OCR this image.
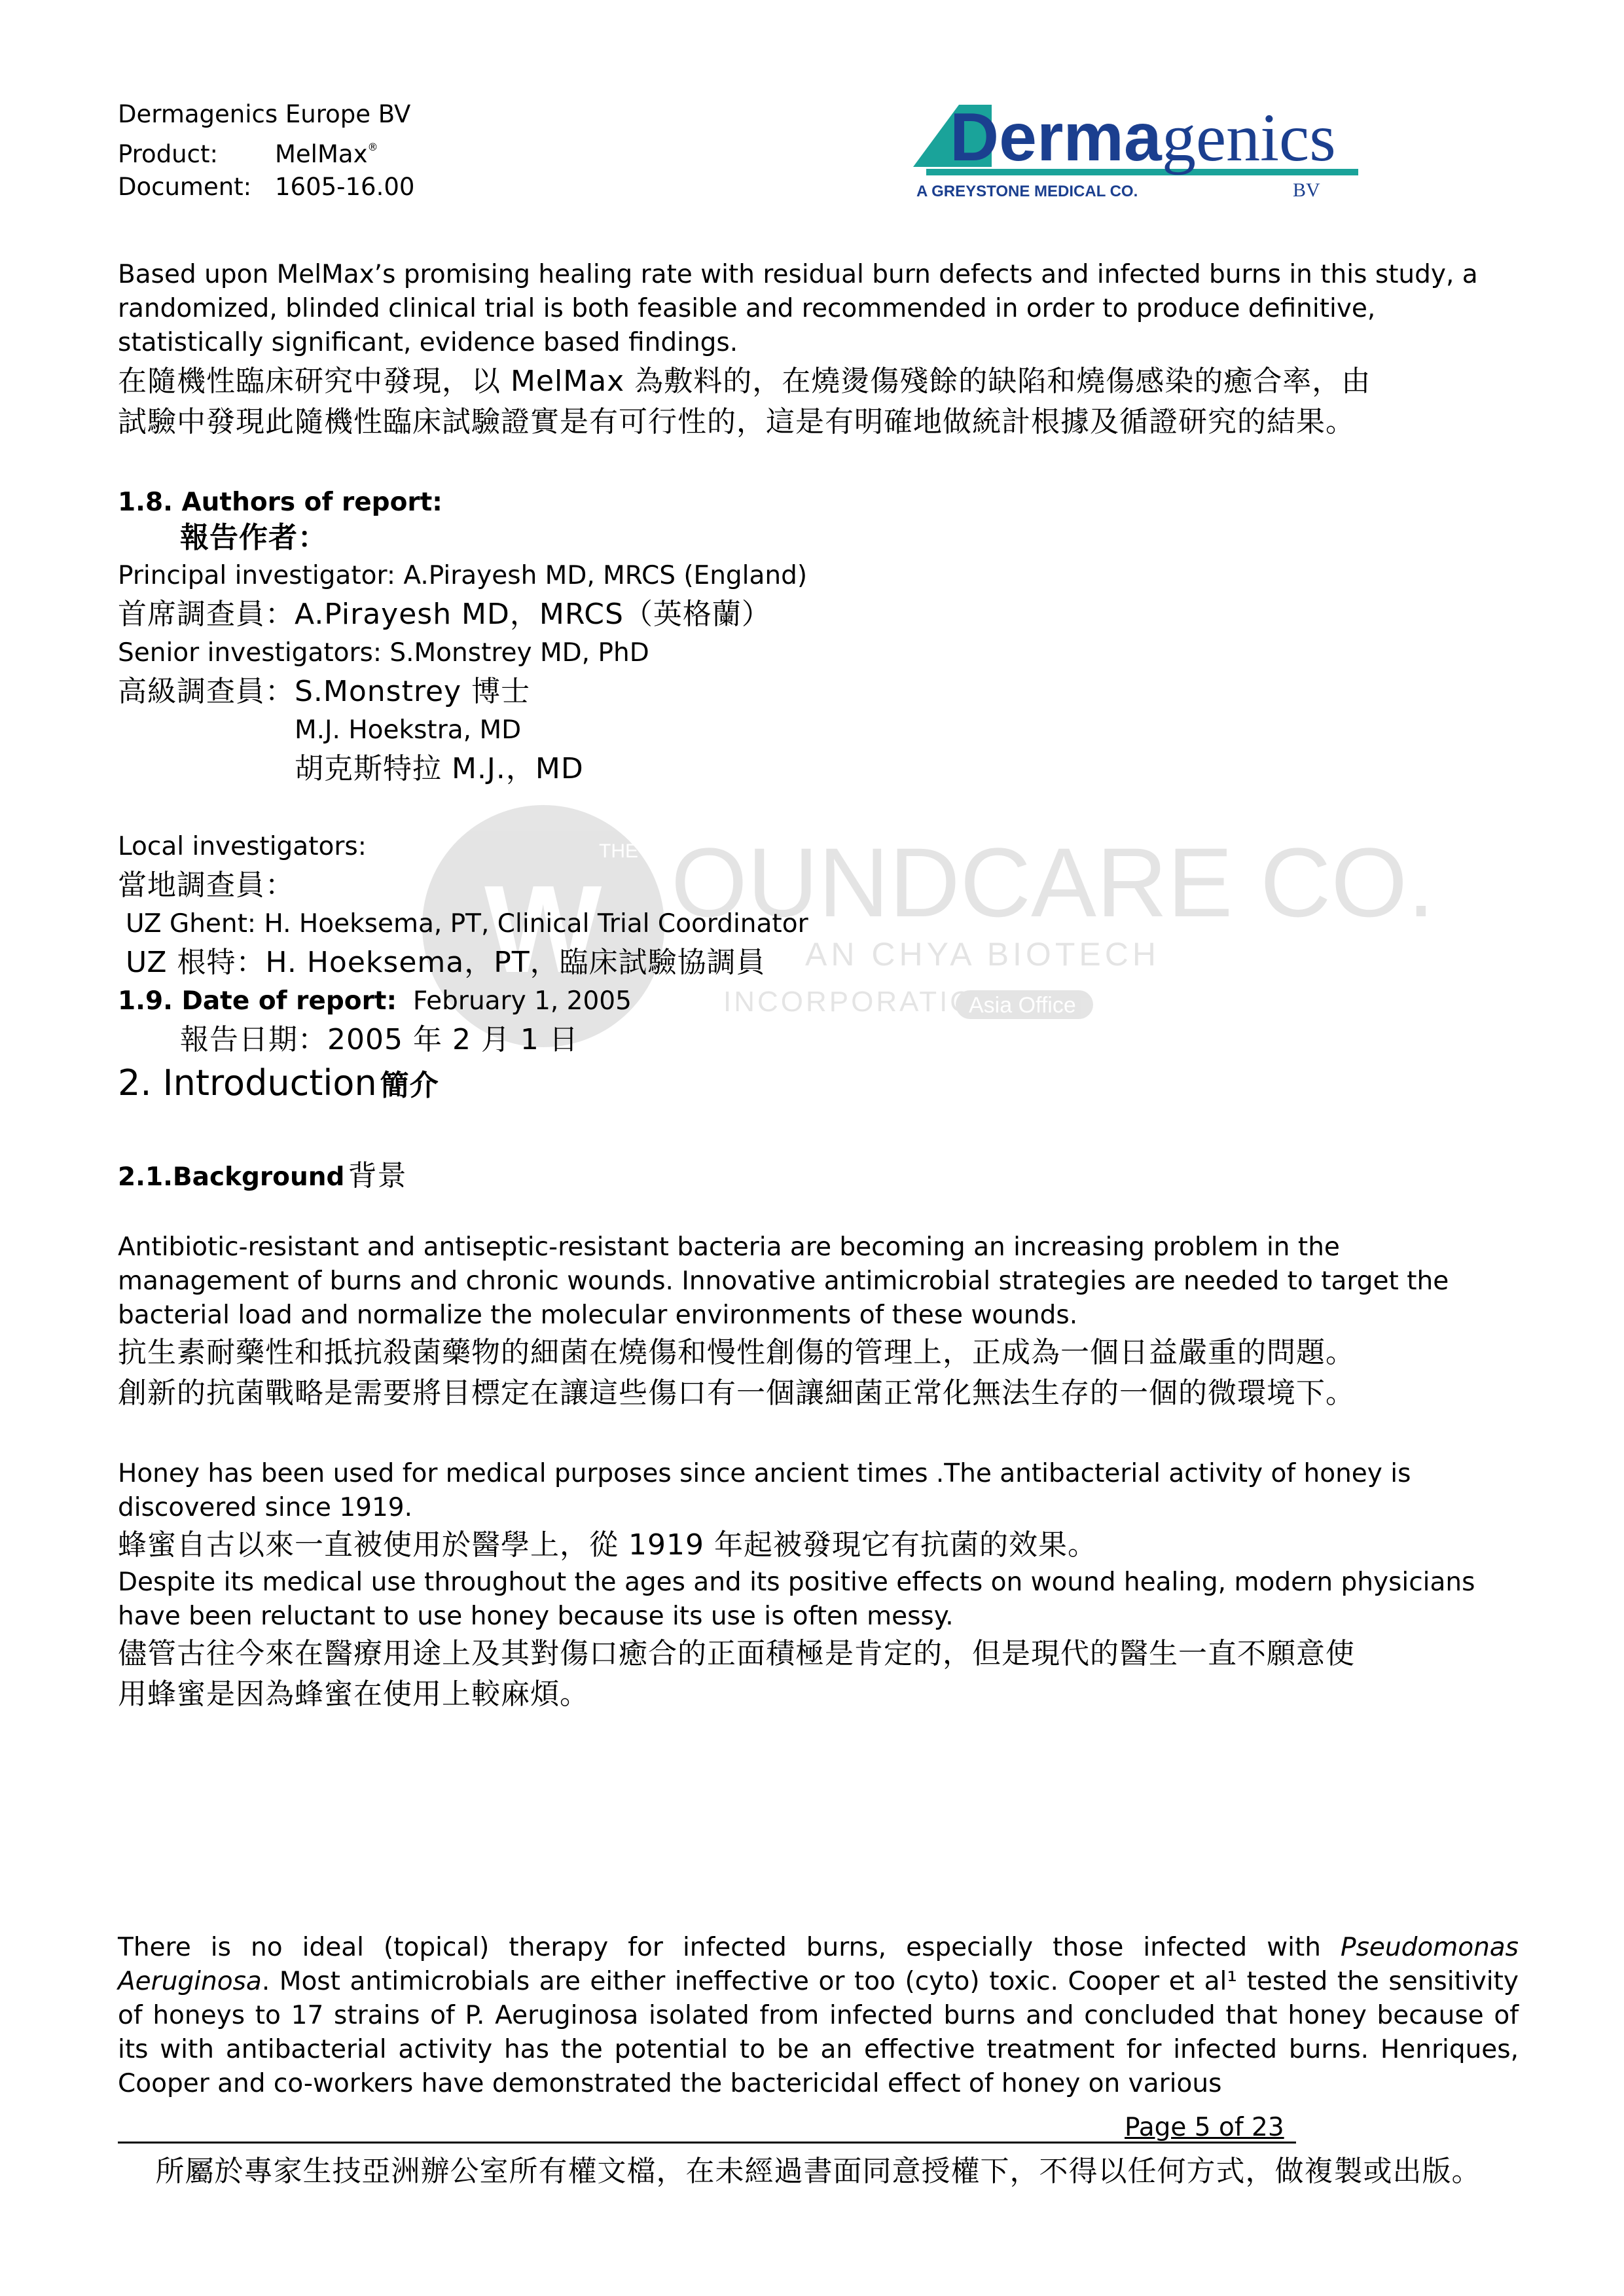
Dermagenics Europe BV
Product: MelMax®
Document: 1605-16.00
Derma genics
A GREYSTONE MEDICAL CO.	BV
W
THE OUNDCARE CO.
AN CHYA BIOTECH
INCORPORATION
Asia Office
Based upon MelMax’s promising healing rate with residual burn defects and infected burns in this study, a randomized, blinded clinical trial is both feasible and recommended in order to produce definitive, statistically significant, evidence based findings.
在隨機性臨床研究中發現，以 MelMax 為敷料的，在燒燙傷殘餘的缺陷和燒傷感染的癒合率，由
試驗中發現此隨機性臨床試驗證實是有可行性的，這是有明確地做統計根據及循證研究的結果。
1.8. Authors of report:
報告作者：
Principal investigator: A.Pirayesh MD, MRCS (England)
首席調查員：A.Pirayesh MD，MRCS（英格蘭）
Senior investigators: S.Monstrey MD, PhD
高級調查員：S.Monstrey 博士
M.J. Hoekstra, MD
胡克斯特拉 M.J.，MD
Local investigators:
當地調查員：
UZ Ghent: H. Hoeksema, PT, Clinical Trial Coordinator
UZ 根特：H. Hoeksema，PT，臨床試驗協調員
1.9. Date of report: February 1, 2005
報告日期：2005 年 2 月 1 日
2. Introduction 簡介
2.1.Background 背景
Antibiotic-resistant and antiseptic-resistant bacteria are becoming an increasing problem in the management of burns and chronic wounds. Innovative antimicrobial strategies are needed to target the bacterial load and normalize the molecular environments of these wounds.
抗生素耐藥性和抵抗殺菌藥物的細菌在燒傷和慢性創傷的管理上，正成為一個日益嚴重的問題。
創新的抗菌戰略是需要將目標定在讓這些傷口有一個讓細菌正常化無法生存的一個的微環境下。
Honey has been used for medical purposes since ancient times .The antibacterial activity of honey is discovered since 1919.
蜂蜜自古以來一直被使用於醫學上，從 1919 年起被發現它有抗菌的效果。
Despite its medical use throughout the ages and its positive effects on wound healing, modern physicians have been reluctant to use honey because its use is often messy.
儘管古往今來在醫療用途上及其對傷口癒合的正面積極是肯定的，但是現代的醫生一直不願意使
用蜂蜜是因為蜂蜜在使用上較麻煩。
There is no ideal (topical) therapy for infected burns, especially those infected with Pseudomonas Aeruginosa. Most antimicrobials are either ineffective or too (cyto) toxic. Cooper et al¹ tested the sensitivity of honeys to 17 strains of P. Aeruginosa isolated from infected burns and concluded that honey because of its with antibacterial activity has the potential to be an effective treatment for infected burns. Henriques, Cooper and co-workers have demonstrated the bactericidal effect of honey on various
Page 5 of 23
所屬於專家生技亞洲辦公室所有權文檔，在未經過書面同意授權下，不得以任何方式，做複製或出版。
